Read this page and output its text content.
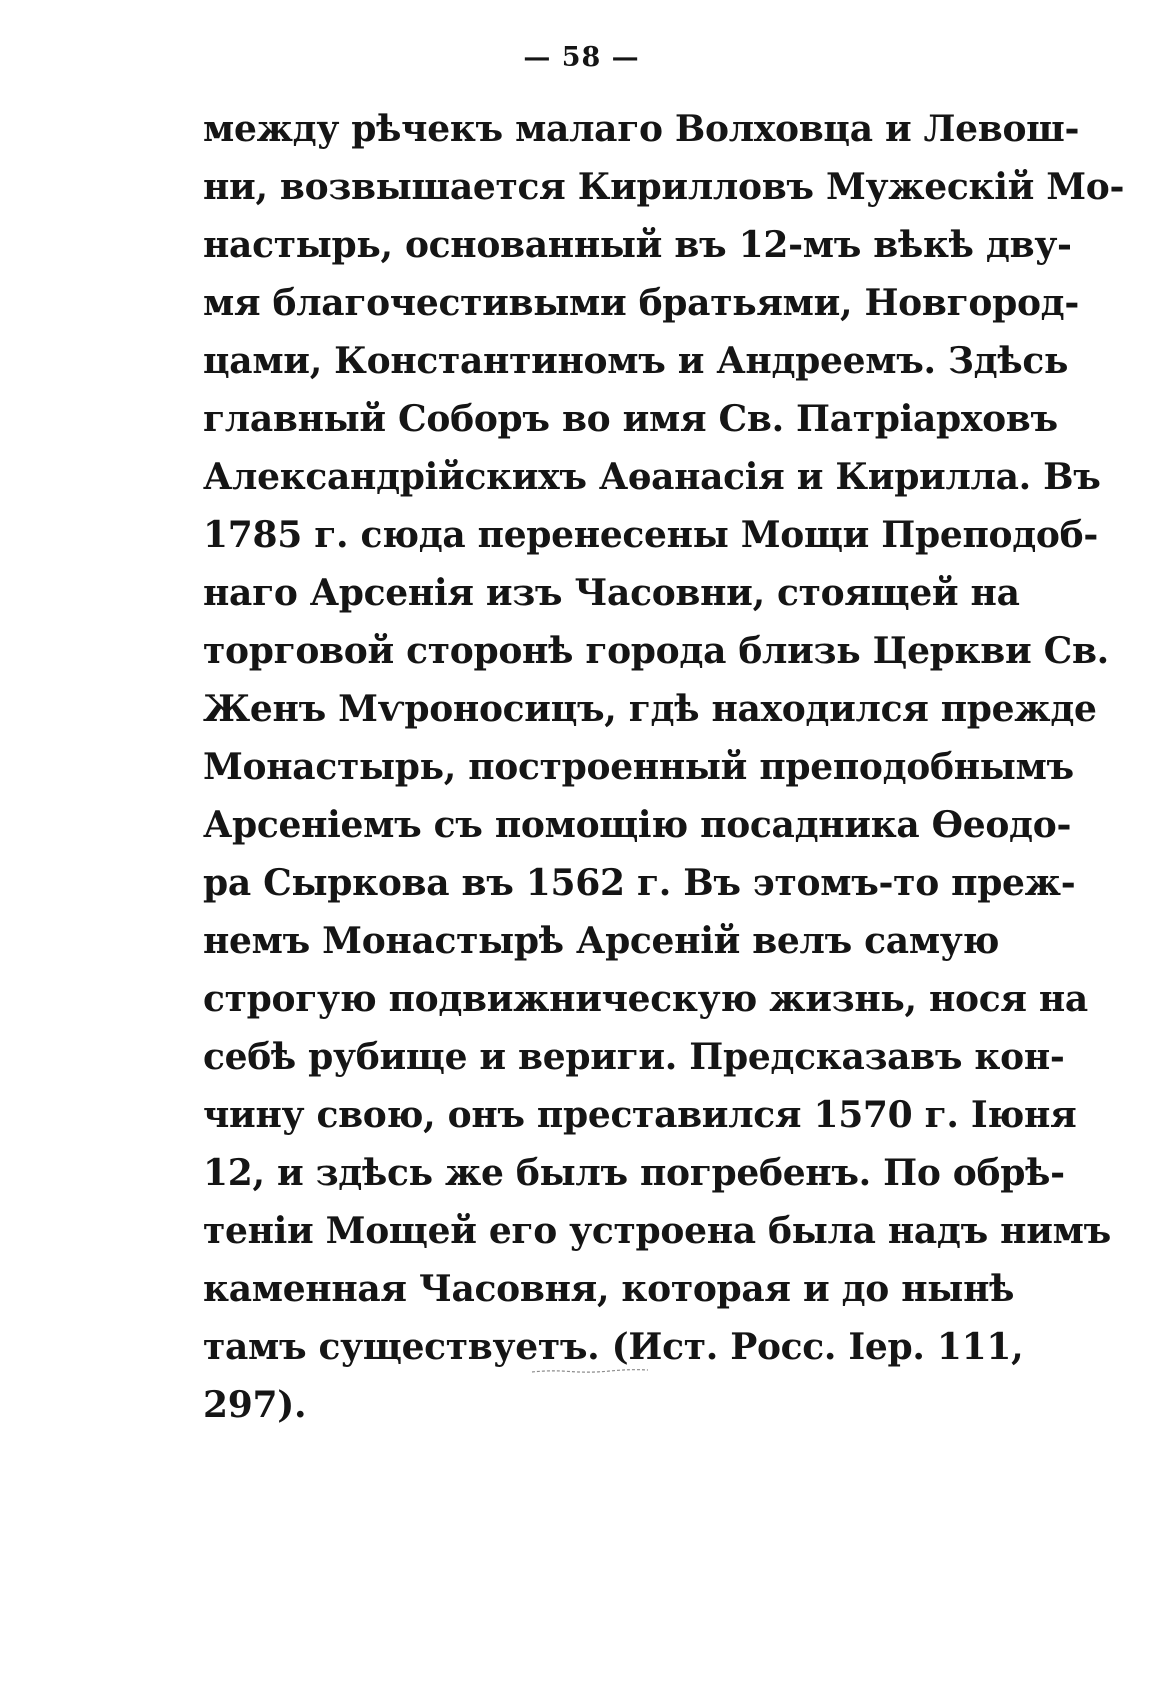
— 58 —
между рѣчекъ малаго Волховца и Левош-
ни, возвышается Кирилловъ Мужескій Мо-
настырь, основанный въ 12-мъ вѣкѣ дву-
мя благочестивыми братьями, Новгород-
цами, Константиномъ и Андреемъ. Здѣсь
главный Соборъ во имя Св. Патріарховъ
Александрійскихъ Аѳанасія и Кирилла. Въ
1785 г. сюда перенесены Мощи Преподоб-
наго Арсенія изъ Часовни, стоящей на
торговой сторонѣ города близь Церкви Св.
Женъ Мѵроносицъ, гдѣ находился прежде
Монастырь, построенный преподобнымъ
Арсеніемъ съ помощію посадника Ѳеодо-
ра Сыркова въ 1562 г. Въ этомъ-то преж-
немъ Монастырѣ Арсеній велъ самую
строгую подвижническую жизнь, нося на
себѣ рубище и вериги. Предсказавъ кон-
чину свою, онъ преставился 1570 г. Іюня
12, и здѣсь же былъ погребенъ. По обрѣ-
теніи Мощей его устроена была надъ нимъ
каменная Часовня, которая и до нынѣ
тамъ существуетъ. (Ист. Росс. Іер. 111,
297).
